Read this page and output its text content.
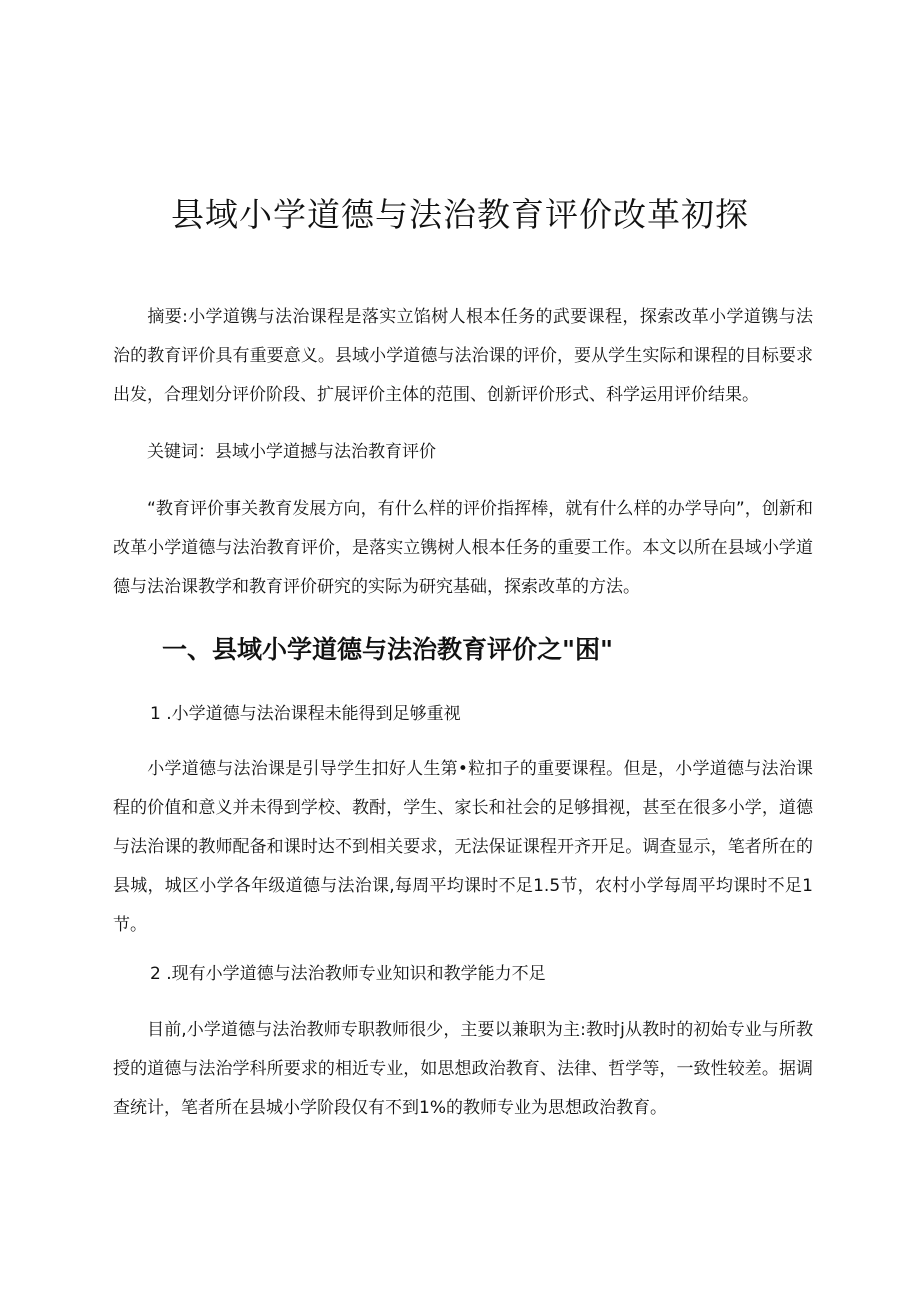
县域小学道德与法治教育评价改革初探

摘要:小学道镌与法治课程是落实立馅树人根本任务的武要课程，探索改革小学道镌与法治的教育评价具有重要意义。县域小学道德与法治课的评价，要从学生实际和课程的目标要求出发，合理划分评价阶段、扩展评价主体的范围、创新评价形式、科学运用评价结果。

关键词：县域小学道撼与法治教育评价

“教育评价事关教育发展方向，有什么样的评价指挥棒，就有什么样的办学导向”，创新和改革小学道德与法治教育评价，是落实立镌树人根本任务的重要工作。本文以所在县域小学道德与法治课教学和教育评价研究的实际为研究基础，探索改革的方法。

一、县域小学道德与法治教育评价之"困"

1 .小学道德与法治课程未能得到足够重视

小学道德与法治课是引导学生扣好人生第•粒扣子的重要课程。但是，小学道德与法治课程的价值和意义并未得到学校、教酎，学生、家长和社会的足够揖视，甚至在很多小学，道德与法治课的教师配备和课时达不到相关要求，无法保证课程开齐开足。调查显示，笔者所在的县城，城区小学各年级道德与法治课,每周平均课时不足1.5节，农村小学每周平均课时不足1节。

2 .现有小学道德与法治教师专业知识和教学能力不足

目前,小学道德与法治教师专职教师很少，主要以兼职为主:教时j从教时的初始专业与所教授的道德与法治学科所要求的相近专业，如思想政治教育、法律、哲学等，一致性较差。据调查统计，笔者所在县城小学阶段仅有不到1%的教师专业为思想政治教育。
